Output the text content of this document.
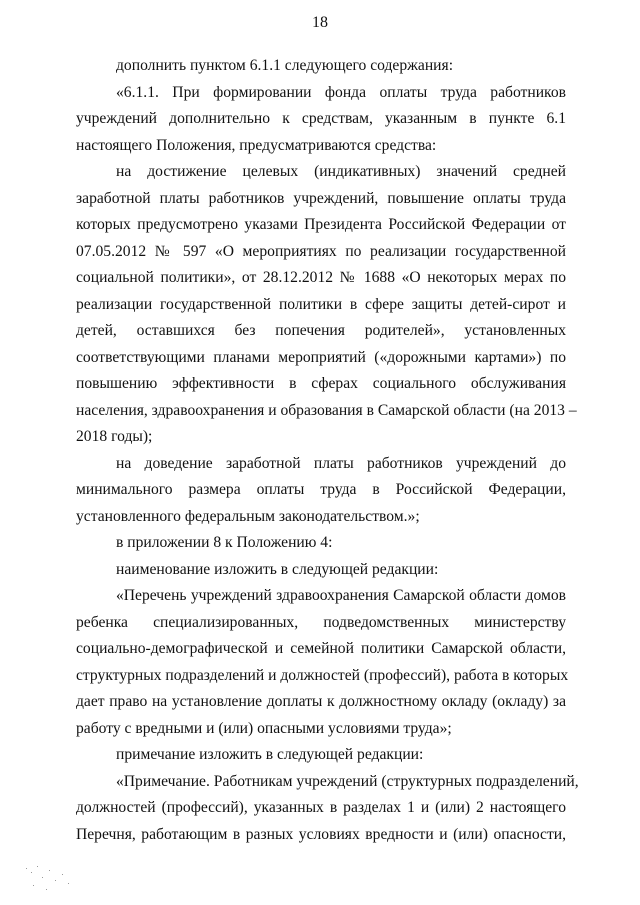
18
дополнить пунктом 6.1.1 следующего содержания:
«6.1.1. При формировании фонда оплаты труда работников
учреждений дополнительно к средствам, указанным в пункте 6.1
настоящего Положения, предусматриваются средства:
на достижение целевых (индикативных) значений средней
заработной платы работников учреждений, повышение оплаты труда
которых предусмотрено указами Президента Российской Федерации от
07.05.2012 № 597 «О мероприятиях по реализации государственной
социальной политики», от 28.12.2012 № 1688 «О некоторых мерах по
реализации государственной политики в сфере защиты детей-сирот и
детей, оставшихся без попечения родителей», установленных
соответствующими планами мероприятий («дорожными картами») по
повышению эффективности в сферах социального обслуживания
населения, здравоохранения и образования в Самарской области (на 2013 –
2018 годы);
на доведение заработной платы работников учреждений до
минимального размера оплаты труда в Российской Федерации,
установленного федеральным законодательством.»;
в приложении 8 к Положению 4:
наименование изложить в следующей редакции:
«Перечень учреждений здравоохранения Самарской области домов
ребенка специализированных, подведомственных министерству
социально-демографической и семейной политики Самарской области,
структурных подразделений и должностей (профессий), работа в которых
дает право на установление доплаты к должностному окладу (окладу) за
работу с вредными и (или) опасными условиями труда»;
примечание изложить в следующей редакции:
«Примечание. Работникам учреждений (структурных подразделений,
должностей (профессий), указанных в разделах 1 и (или) 2 настоящего
Перечня, работающим в разных условиях вредности и (или) опасности,
